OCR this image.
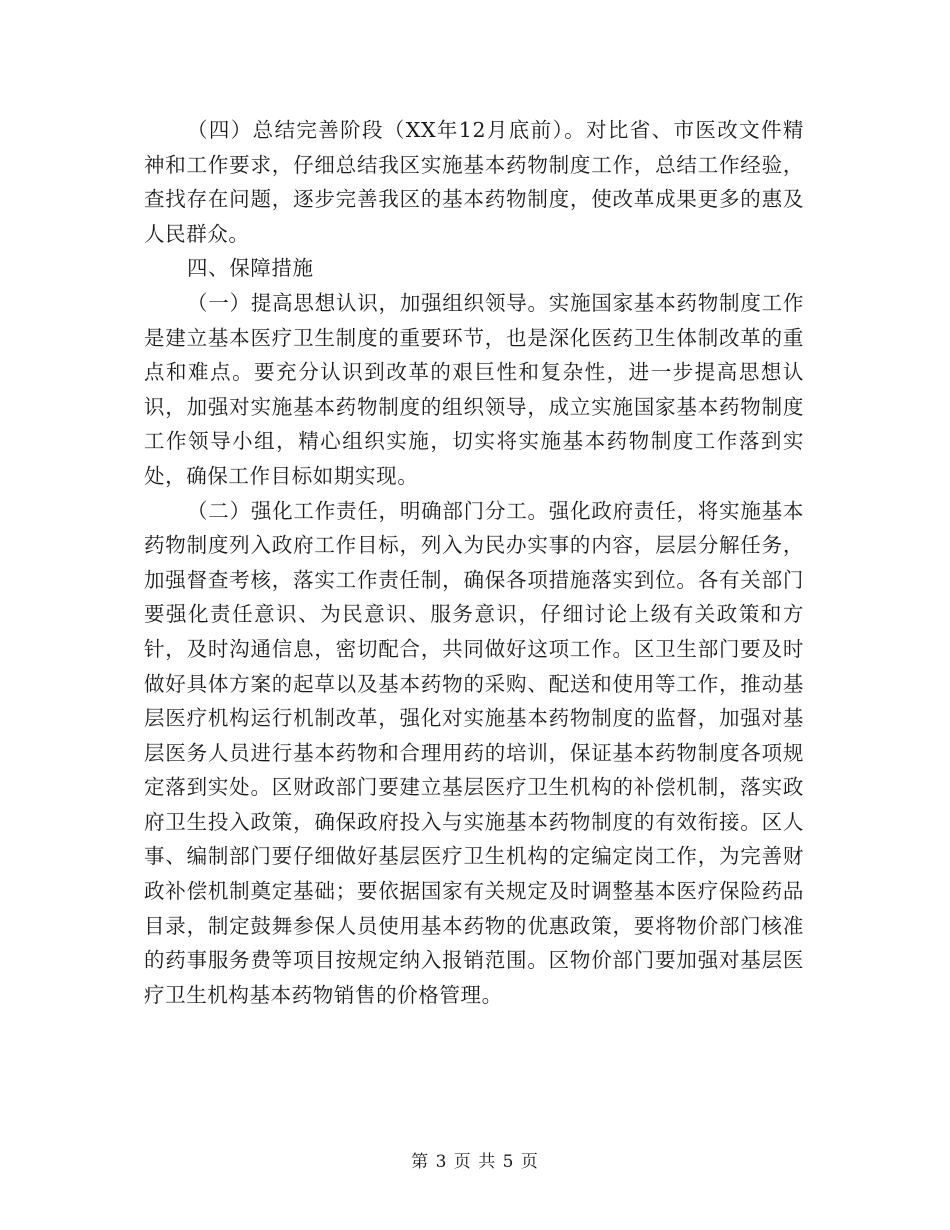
（四）总结完善阶段（XX年12月底前）。对比省、市医改文件精神和工作要求，仔细总结我区实施基本药物制度工作，总结工作经验，查找存在问题，逐步完善我区的基本药物制度，使改革成果更多的惠及人民群众。

四、保障措施

（一）提高思想认识，加强组织领导。实施国家基本药物制度工作是建立基本医疗卫生制度的重要环节，也是深化医药卫生体制改革的重点和难点。要充分认识到改革的艰巨性和复杂性，进一步提高思想认识，加强对实施基本药物制度的组织领导，成立实施国家基本药物制度工作领导小组，精心组织实施，切实将实施基本药物制度工作落到实处，确保工作目标如期实现。

（二）强化工作责任，明确部门分工。强化政府责任，将实施基本药物制度列入政府工作目标，列入为民办实事的内容，层层分解任务，加强督查考核，落实工作责任制，确保各项措施落实到位。各有关部门要强化责任意识、为民意识、服务意识，仔细讨论上级有关政策和方针，及时沟通信息，密切配合，共同做好这项工作。区卫生部门要及时做好具体方案的起草以及基本药物的采购、配送和使用等工作，推动基层医疗机构运行机制改革，强化对实施基本药物制度的监督，加强对基层医务人员进行基本药物和合理用药的培训，保证基本药物制度各项规定落到实处。区财政部门要建立基层医疗卫生机构的补偿机制，落实政府卫生投入政策，确保政府投入与实施基本药物制度的有效衔接。区人事、编制部门要仔细做好基层医疗卫生机构的定编定岗工作，为完善财政补偿机制奠定基础；要依据国家有关规定及时调整基本医疗保险药品目录，制定鼓舞参保人员使用基本药物的优惠政策，要将物价部门核准的药事服务费等项目按规定纳入报销范围。区物价部门要加强对基层医疗卫生机构基本药物销售的价格管理。

第 3 页 共 5 页
